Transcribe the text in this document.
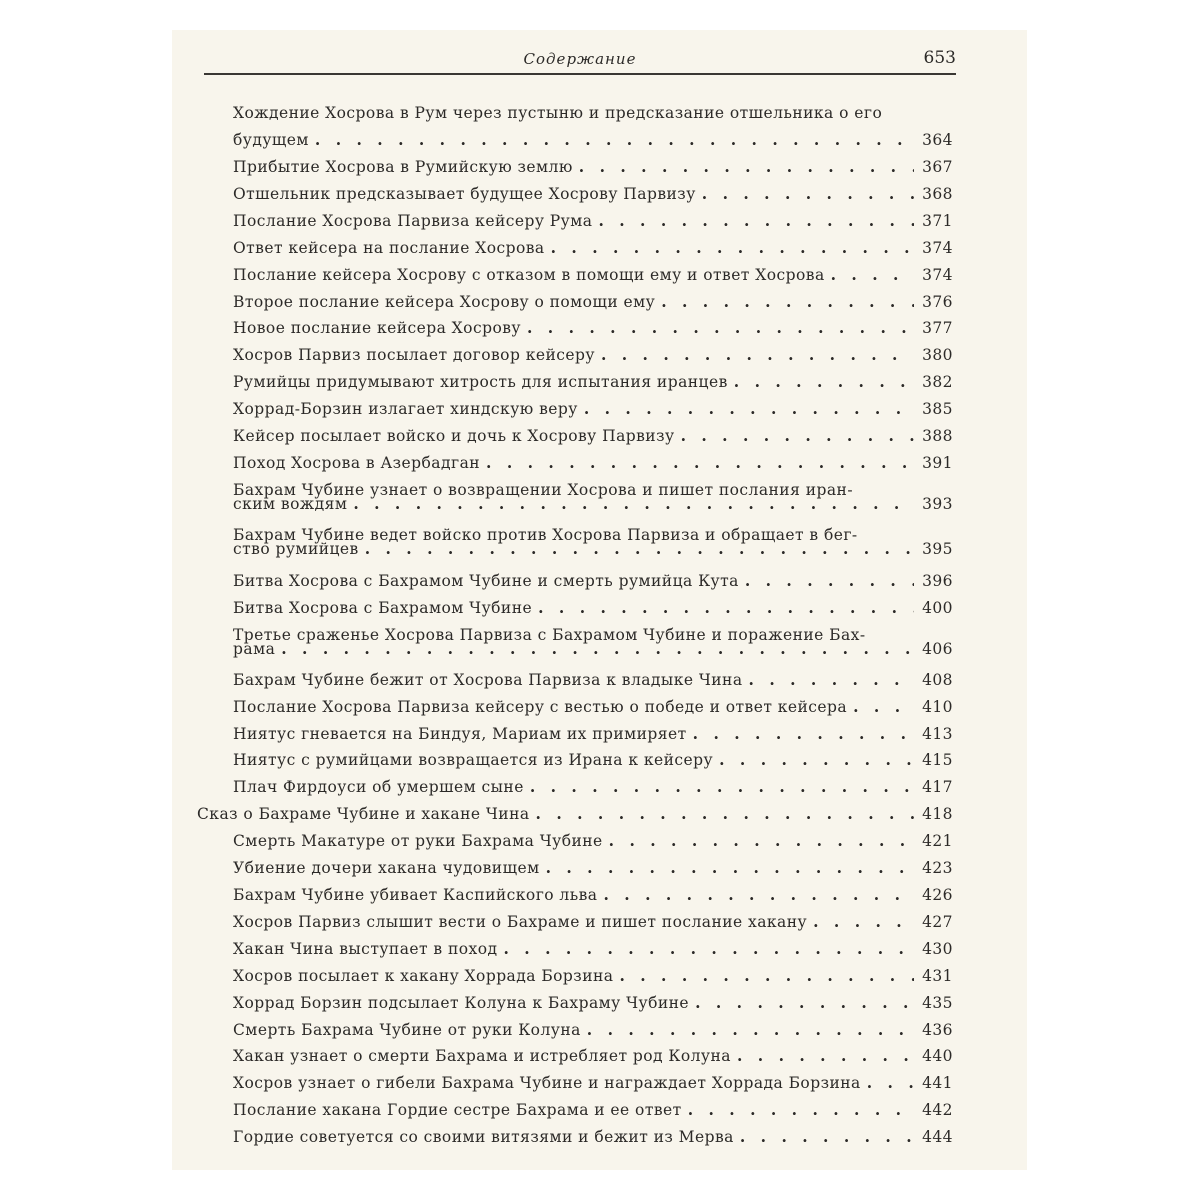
Содержание	653
Хождение Хосрова в Рум через пустыню и предсказание отшельника о его
будущем . . .	364
Прибытие Хосрова в Румийскую землю . . .	367
Отшельник предсказывает будущее Хосрову Парвизу . . .	368
Послание Хосрова Парвиза кейсеру Рума . . .	371
Ответ кейсера на послание Хосрова . . .	374
Послание кейсера Хосрову с отказом в помощи ему и ответ Хосрова . . .	374
Второе послание кейсера Хосрову о помощи ему . . .	376
Новое послание кейсера Хосрову . . .	377
Хосров Парвиз посылает договор кейсеру . . .	380
Румийцы придумывают хитрость для испытания иранцев . . .	382
Хоррад-Борзин излагает хиндскую веру . . .	385
Кейсер посылает войско и дочь к Хосрову Парвизу . . .	388
Поход Хосрова в Азербадган . . .	391
Бахрам Чубине узнает о возвращении Хосрова и пишет послания иран-
ским вождям . . .	393
Бахрам Чубине ведет войско против Хосрова Парвиза и обращает в бег-
ство румийцев . . .	395
Битва Хосрова с Бахрамом Чубине и смерть румийца Кута . . .	396
Битва Хосрова с Бахрамом Чубине . . .	400
Третье сраженье Хосрова Парвиза с Бахрамом Чубине и поражение Бах-
рама . . .	406
Бахрам Чубине бежит от Хосрова Парвиза к владыке Чина . . .	408
Послание Хосрова Парвиза кейсеру с вестью о победе и ответ кейсера . . .	410
Ниятус гневается на Биндуя, Мариам их примиряет . . .	413
Ниятус с румийцами возвращается из Ирана к кейсеру . . .	415
Плач Фирдоуси об умершем сыне . . .	417
Сказ о Бахраме Чубине и хакане Чина . . .	418
Смерть Макатуре от руки Бахрама Чубине . . .	421
Убиение дочери хакана чудовищем . . .	423
Бахрам Чубине убивает Каспийского льва . . .	426
Хосров Парвиз слышит вести о Бахраме и пишет послание хакану . . .	427
Хакан Чина выступает в поход . . .	430
Хосров посылает к хакану Хоррада Борзина . . .	431
Хоррад Борзин подсылает Колуна к Бахраму Чубине . . .	435
Смерть Бахрама Чубине от руки Колуна . . .	436
Хакан узнает о смерти Бахрама и истребляет род Колуна . . .	440
Хосров узнает о гибели Бахрама Чубине и награждает Хоррада Борзина . . .	441
Послание хакана Гордие сестре Бахрама и ее ответ . . .	442
Гордие советуется со своими витязями и бежит из Мерва . . .	444
